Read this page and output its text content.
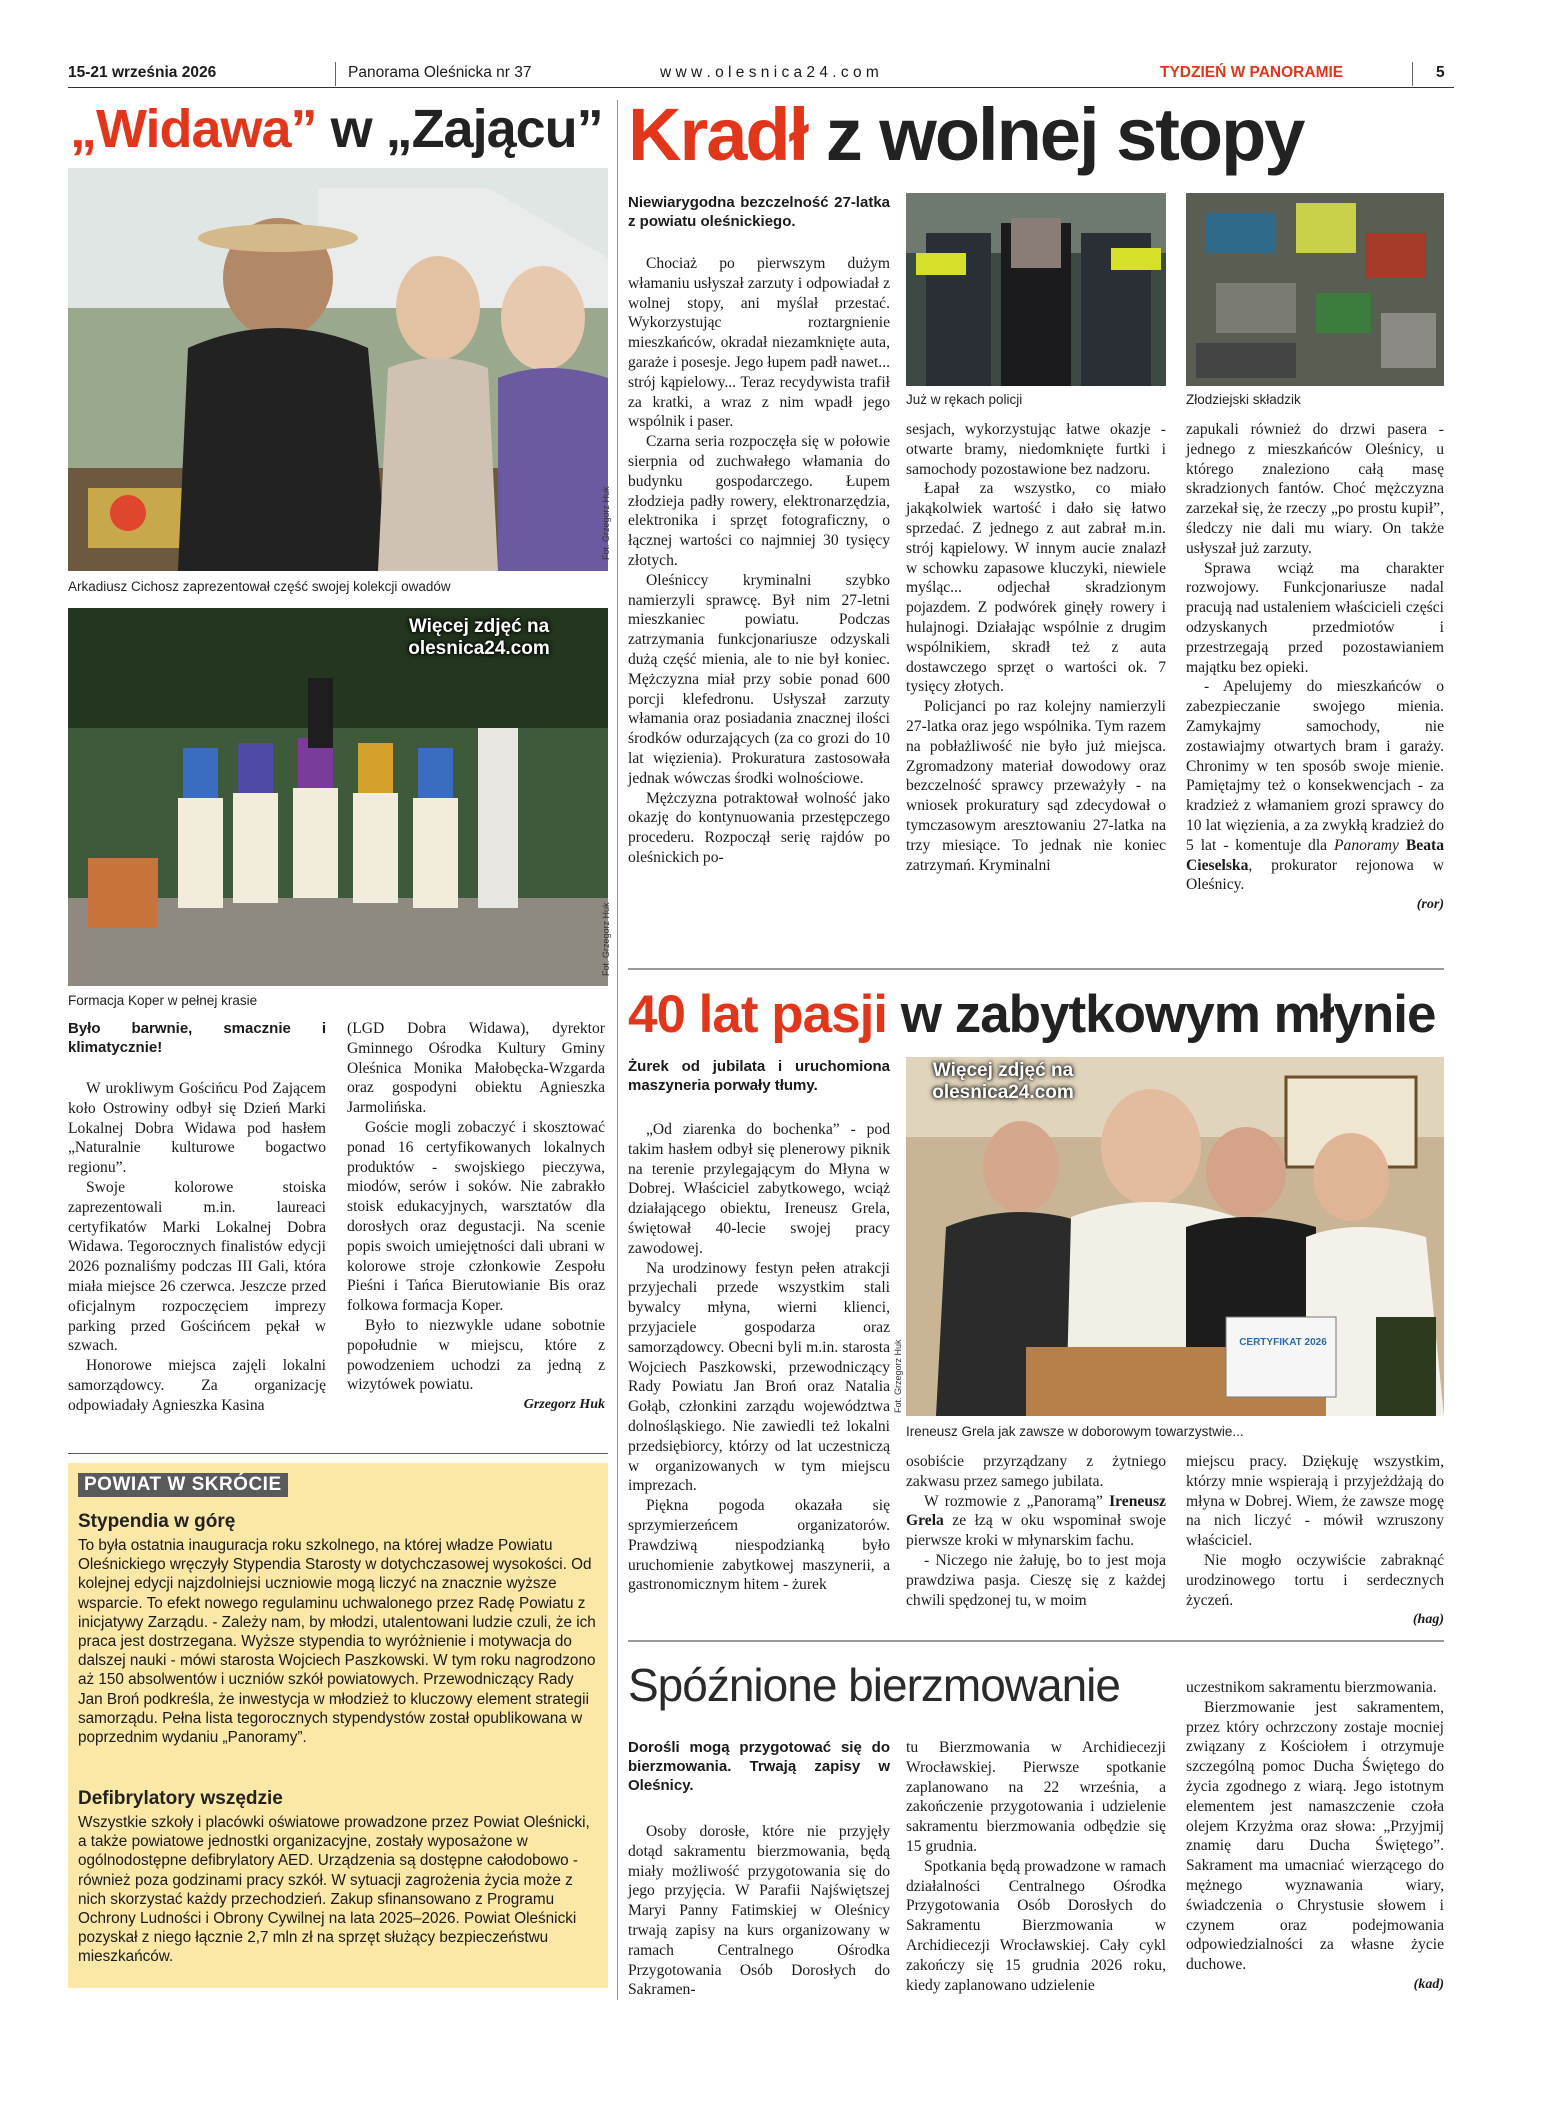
15-21 września 2026	Panorama Oleśnicka nr 37	w w w . o l e s n i c a 2 4 . c o m	TYDZIEŃ W PANORAMIE	5
„Widawa” w „Zającu”
Fot. Grzegorz Huk
Arkadiusz Cichosz zaprezentował część swojej kolekcji owadów
Więcej zdjęć na olesnica24.com
Fot. Grzegorz Huk
Formacja Koper w pełnej krasie
Było barwnie, smacznie i klimatycznie!

W urokliwym Gościńcu Pod Zającem koło Ostrowiny odbył się Dzień Marki Lokalnej Dobra Widawa pod hasłem „Naturalnie kulturowe bogactwo regionu”.

Swoje kolorowe stoiska zaprezentowali m.in. laureaci certyfikatów Marki Lokalnej Dobra Widawa. Tegorocznych finalistów edycji 2026 poznaliśmy podczas III Gali, która miała miejsce 26 czerwca. Jeszcze przed oficjalnym rozpoczęciem imprezy parking przed Gościńcem pękał w szwach.

Honorowe miejsca zajęli lokalni samorządowcy. Za organizację odpowiadały Agnieszka Kasina

(LGD Dobra Widawa), dyrektor Gminnego Ośrodka Kultury Gminy Oleśnica Monika Małobęcka-Wzgarda oraz gospodyni obiektu Agnieszka Jarmolińska.

Goście mogli zobaczyć i skosztować ponad 16 certyfikowanych lokalnych produktów - swojskiego pieczywa, miodów, serów i soków. Nie zabrakło stoisk edukacyjnych, warsztatów dla dorosłych oraz degustacji. Na scenie popis swoich umiejętności dali ubrani w kolorowe stroje członkowie Zespołu Pieśni i Tańca Bierutowianie Bis oraz folkowa formacja Koper.

Było to niezwykle udane sobotnie popołudnie w miejscu, które z powodzeniem uchodzi za jedną z wizytówek powiatu.

Grzegorz Huk
POWIAT W SKRÓCIE
Stypendia w górę
To była ostatnia inauguracja roku szkolnego, na której władze Powiatu Oleśnickiego wręczyły Stypendia Starosty w dotychczasowej wysokości. Od kolejnej edycji najzdolniejsi uczniowie mogą liczyć na znacznie wyższe wsparcie. To efekt nowego regulaminu uchwalonego przez Radę Powiatu z inicjatywy Zarządu. - Zależy nam, by młodzi, utalentowani ludzie czuli, że ich praca jest dostrzegana. Wyższe stypendia to wyróżnienie i motywacja do dalszej nauki - mówi starosta Wojciech Paszkowski. W tym roku nagrodzono aż 150 absolwentów i uczniów szkół powiatowych. Przewodniczący Rady Jan Broń podkreśla, że inwestycja w młodzież to kluczowy element strategii samorządu. Pełna lista tegorocznych stypendystów został opublikowana w poprzednim wydaniu „Panoramy”.
Defibrylatory wszędzie
Wszystkie szkoły i placówki oświatowe prowadzone przez Powiat Oleśnicki, a także powiatowe jednostki organizacyjne, zostały wyposażone w ogólnodostępne defibrylatory AED. Urządzenia są dostępne całodobowo - również poza godzinami pracy szkół. W sytuacji zagrożenia życia może z nich skorzystać każdy przechodzień. Zakup sfinansowano z Programu Ochrony Ludności i Obrony Cywilnej na lata 2025–2026. Powiat Oleśnicki pozyskał z niego łącznie 2,7 mln zł na sprzęt służący bezpieczeństwu mieszkańców.
Kradł z wolnej stopy
Niewiarygodna bezczelność 27-latka z powiatu oleśnickiego.
Już w rękach policji	Złodziejski składzik

Chociaż po pierwszym dużym włamaniu usłyszał zarzuty i odpowiadał z wolnej stopy, ani myślał przestać. Wykorzystując roztargnienie mieszkańców, okradał niezamknięte auta, garaże i posesje. Jego łupem padł nawet... strój kąpielowy... Teraz recydywista trafił za kratki, a wraz z nim wpadł jego wspólnik i paser.

Czarna seria rozpoczęła się w połowie sierpnia od zuchwałego włamania do budynku gospodarczego. Łupem złodzieja padły rowery, elektronarzędzia, elektronika i sprzęt fotograficzny, o łącznej wartości co najmniej 30 tysięcy złotych.

Oleśniccy kryminalni szybko namierzyli sprawcę. Był nim 27-letni mieszkaniec powiatu. Podczas zatrzymania funkcjonariusze odzyskali dużą część mienia, ale to nie był koniec. Mężczyzna miał przy sobie ponad 600 porcji klefedronu. Usłyszał zarzuty włamania oraz posiadania znacznej ilości środków odurzających (za co grozi do 10 lat więzienia). Prokuratura zastosowała jednak wówczas środki wolnościowe.

Mężczyzna potraktował wolność jako okazję do kontynuowania przestępczego procederu. Rozpoczął serię rajdów po oleśnickich po-

sesjach, wykorzystując łatwe okazje - otwarte bramy, niedomknięte furtki i samochody pozostawione bez nadzoru.

Łapał za wszystko, co miało jakąkolwiek wartość i dało się łatwo sprzedać. Z jednego z aut zabrał m.in. strój kąpielowy. W innym aucie znalazł w schowku zapasowe kluczyki, niewiele myśląc... odjechał skradzionym pojazdem. Z podwórek ginęły rowery i hulajnogi. Działając wspólnie z drugim wspólnikiem, skradł też z auta dostawczego sprzęt o wartości ok. 7 tysięcy złotych.

Policjanci po raz kolejny namierzyli 27-latka oraz jego wspólnika. Tym razem na pobłażliwość nie było już miejsca. Zgromadzony materiał dowodowy oraz bezczelność sprawcy przeważyły - na wniosek prokuratury sąd zdecydował o tymczasowym aresztowaniu 27-latka na trzy miesiące. To jednak nie koniec zatrzymań. Kryminalni

zapukali również do drzwi pasera - jednego z mieszkańców Oleśnicy, u którego znaleziono całą masę skradzionych fantów. Choć mężczyzna zarzekał się, że rzeczy „po prostu kupił”, śledczy nie dali mu wiary. On także usłyszał już zarzuty.

Sprawa wciąż ma charakter rozwojowy. Funkcjonariusze nadal pracują nad ustaleniem właścicieli części odzyskanych przedmiotów i przestrzegają przed pozostawianiem majątku bez opieki.

- Apelujemy do mieszkańców o zabezpieczanie swojego mienia. Zamykajmy samochody, nie zostawiajmy otwartych bram i garaży. Chronimy w ten sposób swoje mienie. Pamiętajmy też o konsekwencjach - za kradzież z włamaniem grozi sprawcy do 10 lat więzienia, a za zwykłą kradzież do 5 lat - komentuje dla Panoramy Beata Cieselska, prokurator rejonowa w Oleśnicy.

(ror)
40 lat pasji w zabytkowym młynie
Żurek od jubilata i uruchomiona maszyneria porwały tłumy.
Więcej zdjęć na olesnica24.com
CERTYFIKAT 2026
Fot. Grzegorz Huk
Ireneusz Grela jak zawsze w doborowym towarzystwie...

„Od ziarenka do bochenka” - pod takim hasłem odbył się plenerowy piknik na terenie przylegającym do Młyna w Dobrej. Właściciel zabytkowego, wciąż działającego obiektu, Ireneusz Grela, świętował 40-lecie swojej pracy zawodowej.

Na urodzinowy festyn pełen atrakcji przyjechali przede wszystkim stali bywalcy młyna, wierni klienci, przyjaciele gospodarza oraz samorządowcy. Obecni byli m.in. starosta Wojciech Paszkowski, przewodniczący Rady Powiatu Jan Broń oraz Natalia Gołąb, członkini zarządu województwa dolnośląskiego. Nie zawiedli też lokalni przedsiębiorcy, którzy od lat uczestniczą w organizowanych w tym miejscu imprezach.

Piękna pogoda okazała się sprzymierzeńcem organizatorów. Prawdziwą niespodzianką było uruchomienie zabytkowej maszynerii, a gastronomicznym hitem - żurek

osobiście przyrządzany z żytniego zakwasu przez samego jubilata.

W rozmowie z „Panoramą” Ireneusz Grela ze łzą w oku wspominał swoje pierwsze kroki w młynarskim fachu.

- Niczego nie żałuję, bo to jest moja prawdziwa pasja. Cieszę się z każdej chwili spędzonej tu, w moim

miejscu pracy. Dziękuję wszystkim, którzy mnie wspierają i przyjeżdżają do młyna w Dobrej. Wiem, że zawsze mogę na nich liczyć - mówił wzruszony właściciel.

Nie mogło oczywiście zabraknąć urodzinowego tortu i serdecznych życzeń.

(hag)
Spóźnione bierzmowanie
Dorośli mogą przygotować się do bierzmowania. Trwają zapisy w Oleśnicy.

Osoby dorosłe, które nie przyjęły dotąd sakramentu bierzmowania, będą miały możliwość przygotowania się do jego przyjęcia. W Parafii Najświętszej Maryi Panny Fatimskiej w Oleśnicy trwają zapisy na kurs organizowany w ramach Centralnego Ośrodka Przygotowania Osób Dorosłych do Sakramen-

tu Bierzmowania w Archidiecezji Wrocławskiej. Pierwsze spotkanie zaplanowano na 22 września, a zakończenie przygotowania i udzielenie sakramentu bierzmowania odbędzie się 15 grudnia.

Spotkania będą prowadzone w ramach działalności Centralnego Ośrodka Przygotowania Osób Dorosłych do Sakramentu Bierzmowania w Archidiecezji Wrocławskiej. Cały cykl zakończy się 15 grudnia 2026 roku, kiedy zaplanowano udzielenie

uczestnikom sakramentu bierzmowania.

Bierzmowanie jest sakramentem, przez który ochrzczony zostaje mocniej związany z Kościołem i otrzymuje szczególną pomoc Ducha Świętego do życia zgodnego z wiarą. Jego istotnym elementem jest namaszczenie czoła olejem Krzyżma oraz słowa: „Przyjmij znamię daru Ducha Świętego”. Sakrament ma umacniać wierzącego do mężnego wyznawania wiary, świadczenia o Chrystusie słowem i czynem oraz podejmowania odpowiedzialności za własne życie duchowe.

(kad)
